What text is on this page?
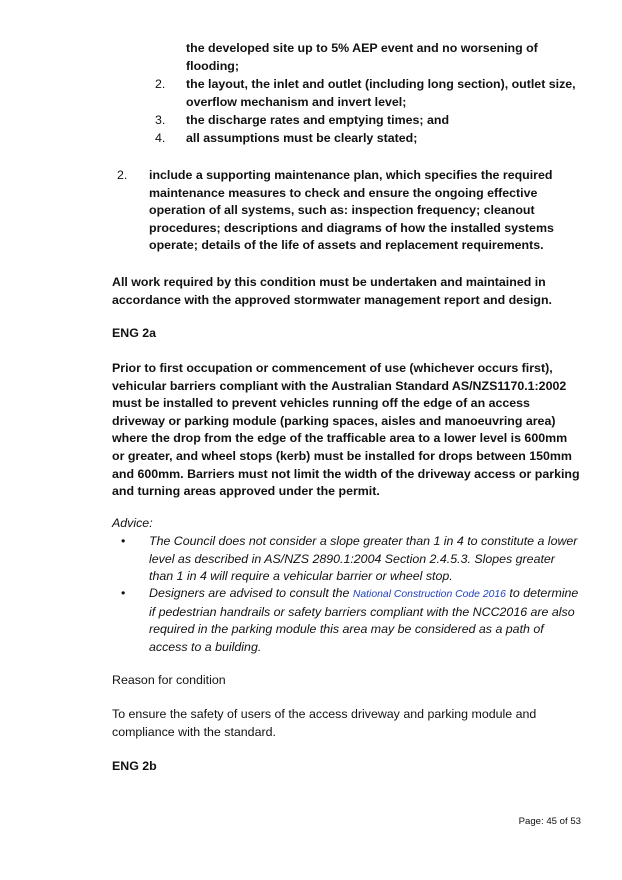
the developed site up to 5% AEP event and no worsening of flooding;
2. the layout, the inlet and outlet (including long section), outlet size, overflow mechanism and invert level;
3. the discharge rates and emptying times; and
4. all assumptions must be clearly stated;
2. include a supporting maintenance plan, which specifies the required maintenance measures to check and ensure the ongoing effective operation of all systems, such as: inspection frequency; cleanout procedures; descriptions and diagrams of how the installed systems operate; details of the life of assets and replacement requirements.
All work required by this condition must be undertaken and maintained in accordance with the approved stormwater management report and design.
ENG 2a
Prior to first occupation or commencement of use (whichever occurs first), vehicular barriers compliant with the Australian Standard AS/NZS1170.1:2002 must be installed to prevent vehicles running off the edge of an access driveway or parking module (parking spaces, aisles and manoeuvring area) where the drop from the edge of the trafficable area to a lower level is 600mm or greater, and wheel stops (kerb) must be installed for drops between 150mm and 600mm. Barriers must not limit the width of the driveway access or parking and turning areas approved under the permit.
Advice:
• The Council does not consider a slope greater than 1 in 4 to constitute a lower level as described in AS/NZS 2890.1:2004 Section 2.4.5.3. Slopes greater than 1 in 4 will require a vehicular barrier or wheel stop.
• Designers are advised to consult the National Construction Code 2016 to determine if pedestrian handrails or safety barriers compliant with the NCC2016 are also required in the parking module this area may be considered as a path of access to a building.
Reason for condition
To ensure the safety of users of the access driveway and parking module and compliance with the standard.
ENG 2b
Page: 45 of 53
